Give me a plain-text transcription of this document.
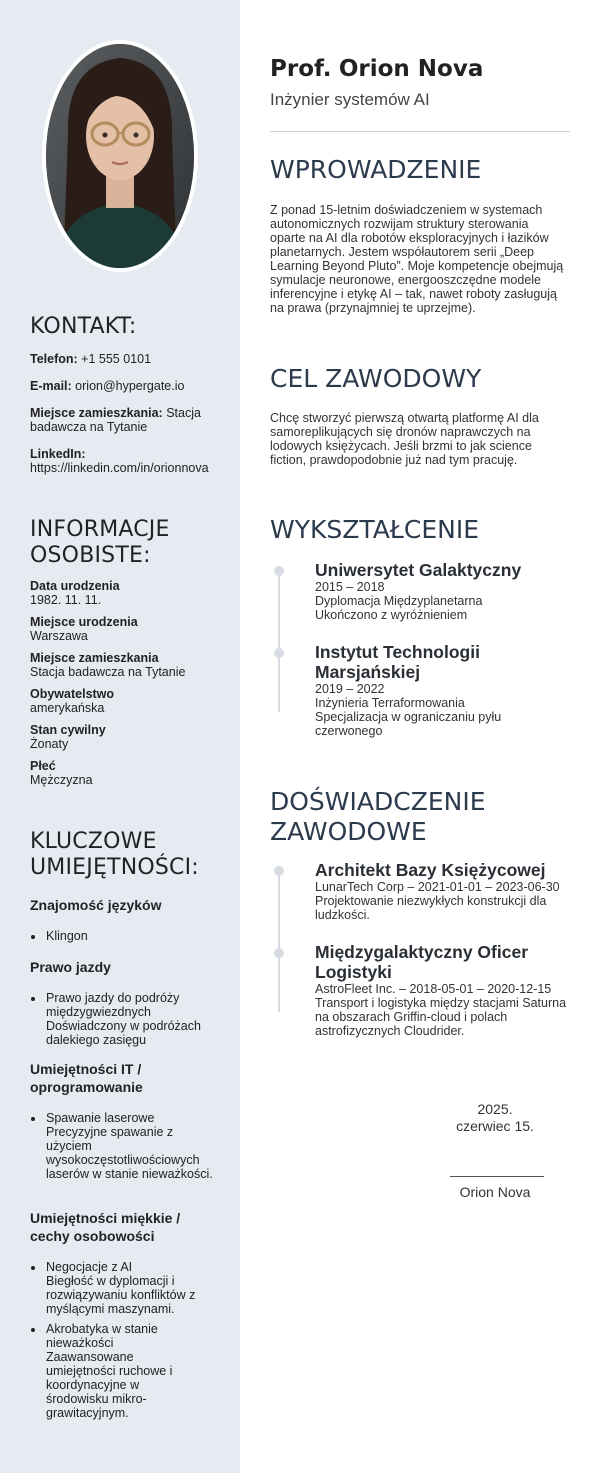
KONTAKT:
Telefon: +1 555 0101
E-mail: orion@hypergate.io
Miejsce zamieszkania: Stacja badawcza na Tytanie
LinkedIn:
https://linkedin.com/in/orionnova
INFORMACJE
OSOBISTE:
Data urodzenia
1982. 11. 11.
Miejsce urodzenia
Warszawa
Miejsce zamieszkania
Stacja badawcza na Tytanie
Obywatelstwo
amerykańska
Stan cywilny
Żonaty
Płeć
Mężczyzna
KLUCZOWE
UMIEJĘTNOŚCI:
Znajomość języków
Klingon
Prawo jazdy
Prawo jazdy do podróży międzygwiezdnych
Doświadczony w podróżach dalekiego zasięgu
Umiejętności IT /
oprogramowanie
Spawanie laserowe
Precyzyjne spawanie z użyciem wysokoczęstotliwościowych laserów w stanie nieważkości.
Umiejętności miękkie /
cechy osobowości
Negocjacje z AI
Biegłość w dyplomacji i rozwiązywaniu konfliktów z myślącymi maszynami.
Akrobatyka w stanie nieważkości
Zaawansowane umiejętności ruchowe i koordynacyjne w środowisku mikro-grawitacyjnym.
Prof. Orion Nova
Inżynier systemów AI
WPROWADZENIE

Z ponad 15-letnim doświadczeniem w systemach autonomicznych rozwijam struktury sterowania oparte na AI dla robotów eksploracyjnych i łazików planetarnych. Jestem współautorem serii „Deep Learning Beyond Pluto”. Moje kompetencje obejmują symulacje neuronowe, energooszczędne modele inferencyjne i etykę AI – tak, nawet roboty zasługują na prawa (przynajmniej te uprzejme).

CEL ZAWODOWY

Chcę stworzyć pierwszą otwartą platformę AI dla samoreplikujących się dronów naprawczych na lodowych księżycach. Jeśli brzmi to jak science fiction, prawdopodobnie już nad tym pracuję.

WYKSZTAŁCENIE
Uniwersytet Galaktyczny
2015 – 2018
Dyplomacja Międzyplanetarna
Ukończono z wyróżnieniem
Instytut Technologii
Marsjańskiej
2019 – 2022
Inżynieria Terraformowania
Specjalizacja w ograniczaniu pyłu czerwonego
DOŚWIADCZENIE
ZAWODOWE
Architekt Bazy Księżycowej
LunarTech Corp – 2021-01-01 – 2023-06-30
Projektowanie niezwykłych konstrukcji dla ludzkości.
Międzygalaktyczny Oficer
Logistyki
AstroFleet Inc. – 2018-05-01 – 2020-12-15
Transport i logistyka między stacjami Saturna na obszarach Griffin-cloud i polach astrofizycznych Cloudrider.
2025.
czerwiec 15.
Orion Nova
